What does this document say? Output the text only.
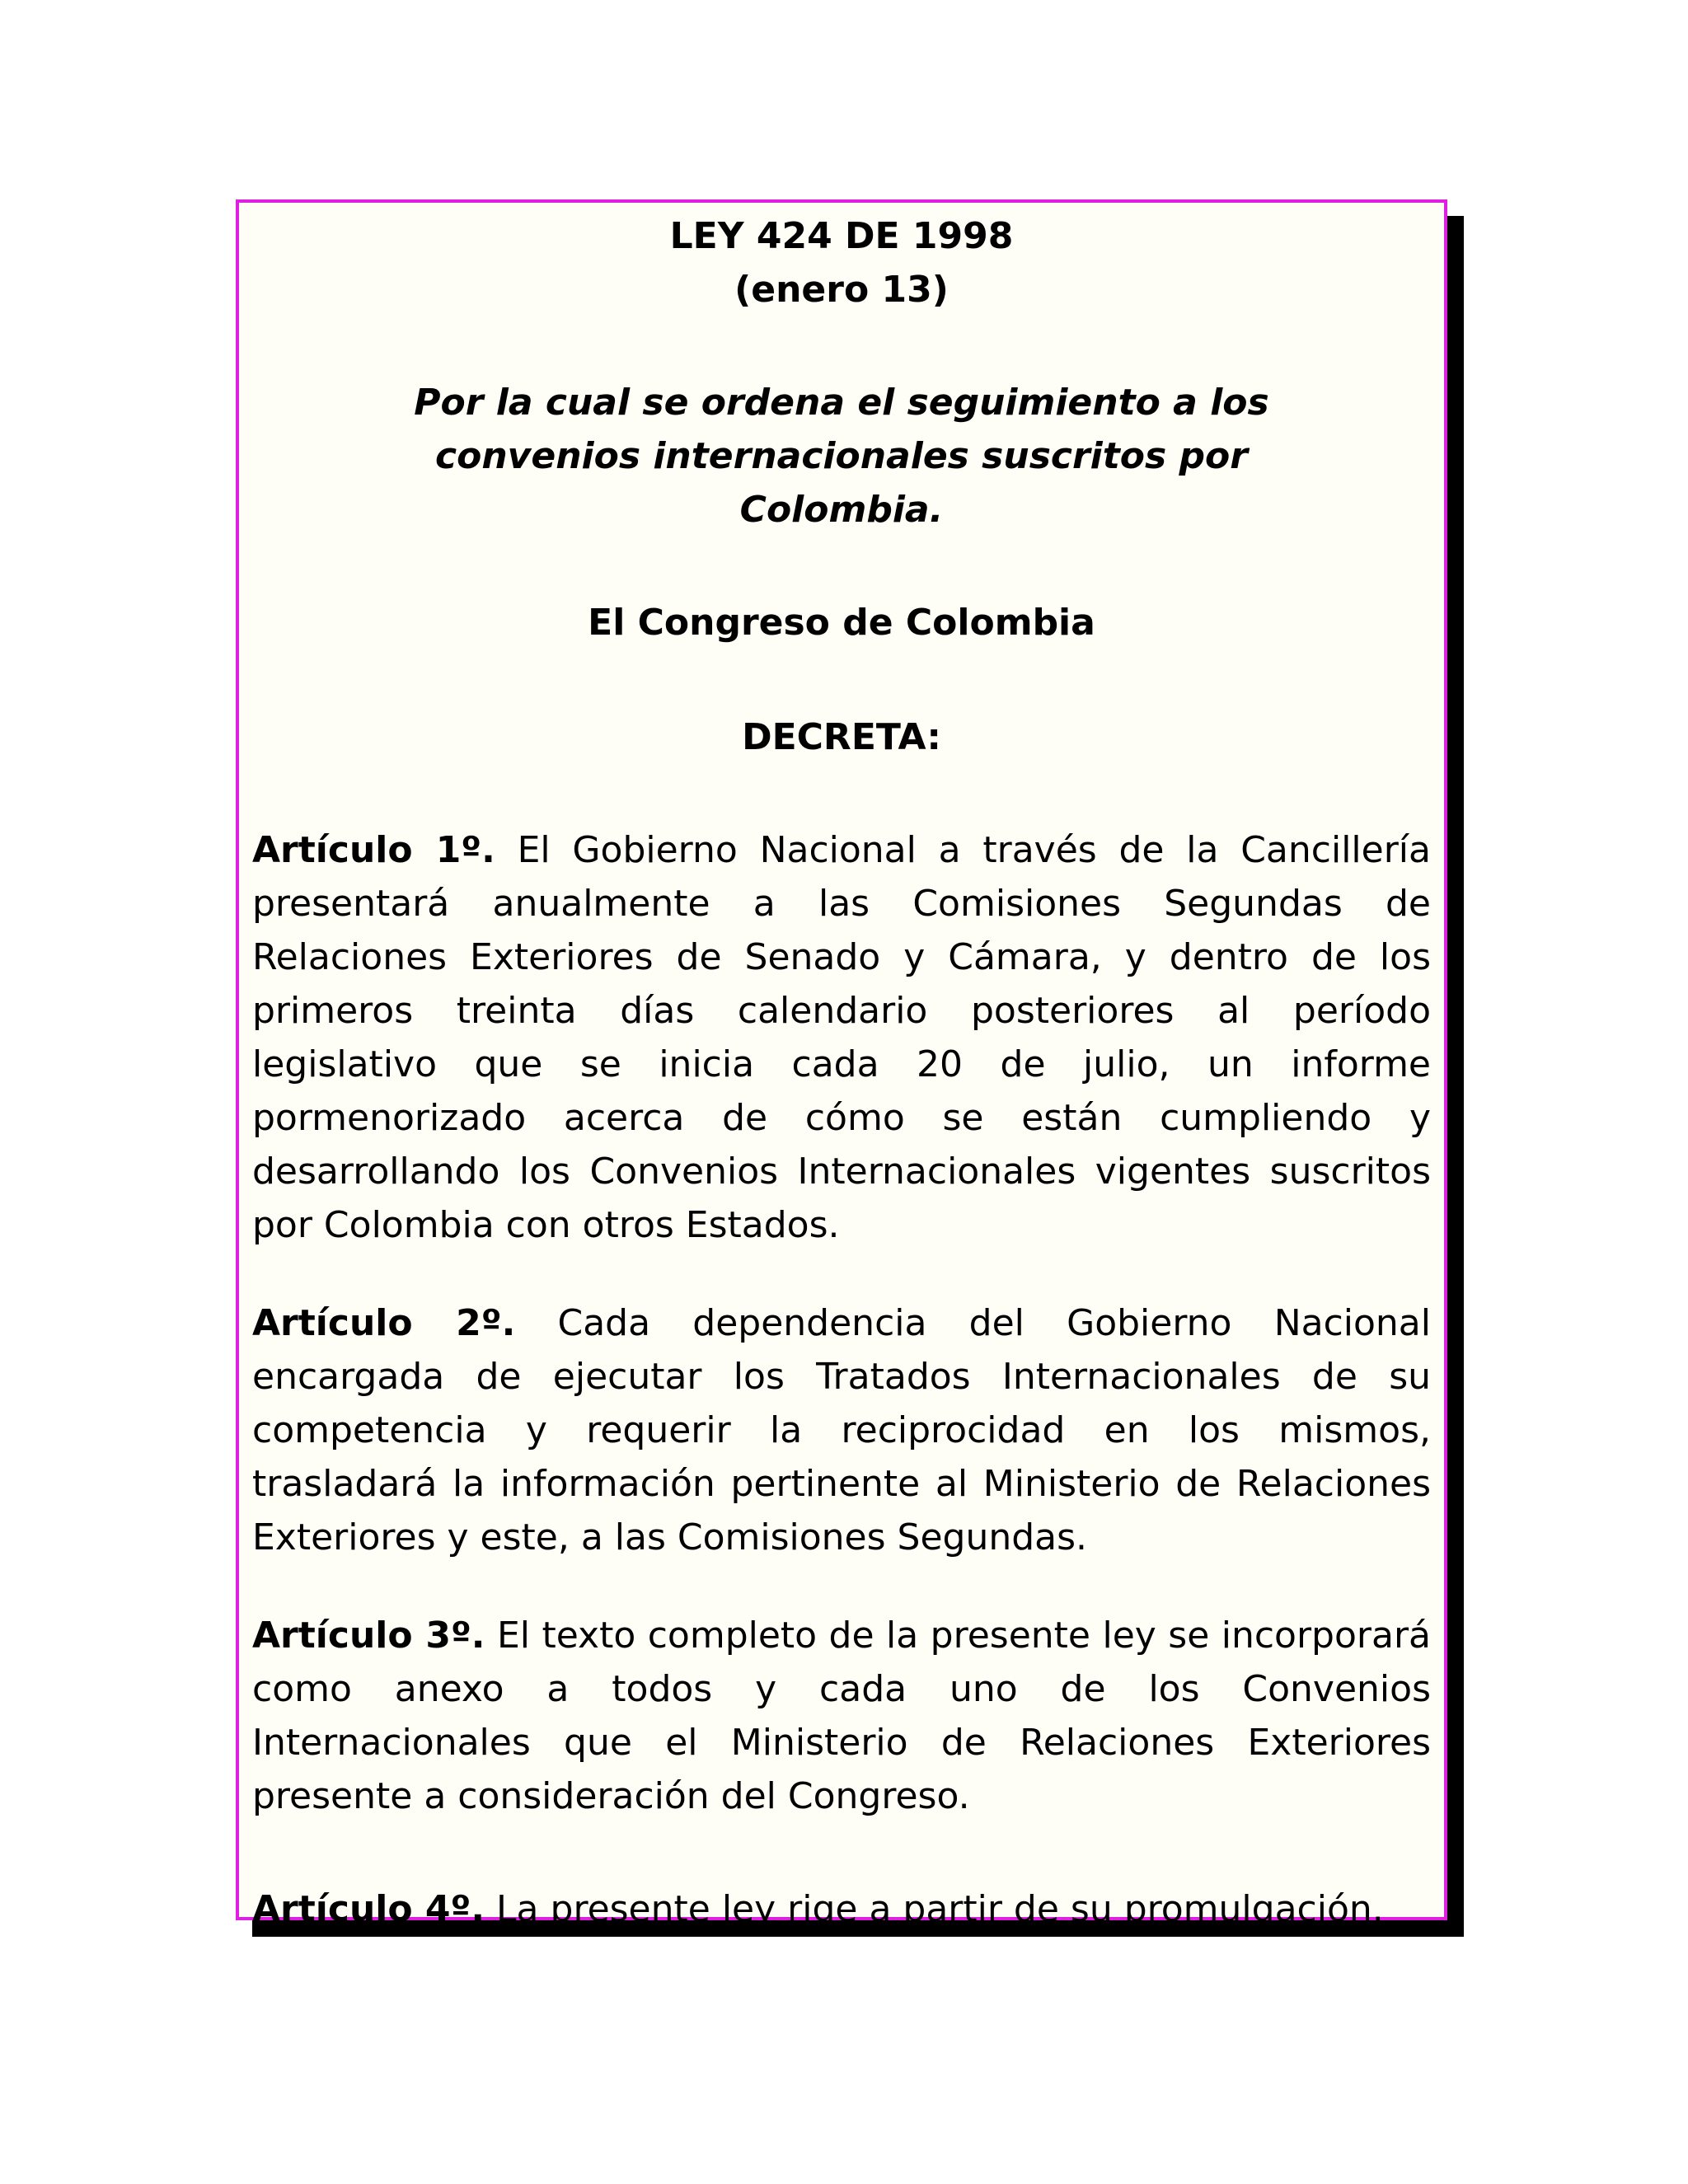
LEY 424 DE 1998
(enero 13)
Por la cual se ordena el seguimiento a los convenios internacionales suscritos por Colombia.
El Congreso de Colombia
DECRETA:

Artículo 1º. El Gobierno Nacional a través de la Cancillería presentará anualmente a las Comisiones Segundas de Relaciones Exteriores de Senado y Cámara, y dentro de los primeros treinta días calendario posteriores al período legislativo que se inicia cada 20 de julio, un informe pormenorizado acerca de cómo se están cumpliendo y desarrollando los Convenios Internacionales vigentes suscritos por Colombia con otros Estados.

Artículo 2º. Cada dependencia del Gobierno Nacional encargada de ejecutar los Tratados Internacionales de su competencia y requerir la reciprocidad en los mismos, trasladará la información pertinente al Ministerio de Relaciones Exteriores y este, a las Comisiones Segundas.

Artículo 3º. El texto completo de la presente ley se incorporará como anexo a todos y cada uno de los Convenios Internacionales que el Ministerio de Relaciones Exteriores presente a consideración del Congreso.

Artículo 4º. La presente ley rige a partir de su promulgación.
